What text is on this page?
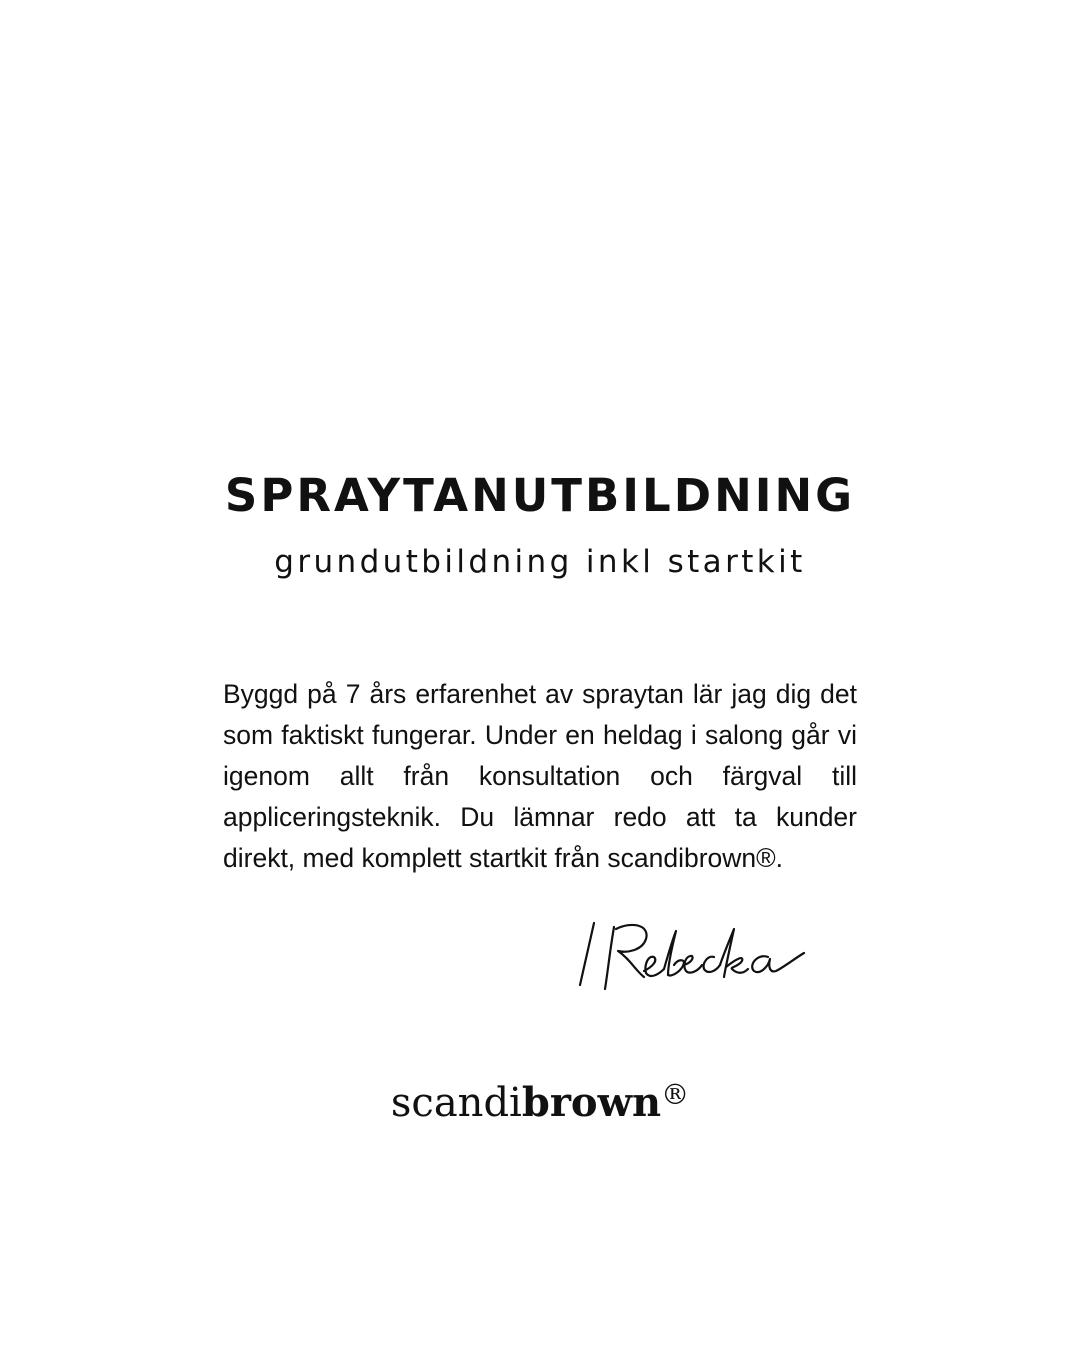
SPRAYTANUTBILDNING

grundutbildning inkl startkit

Byggd på 7 års erfarenhet av spraytan lär jag dig det som faktiskt fungerar. Under en heldag i salong går vi igenom allt från konsultation och färgval till appliceringsteknik. Du lämnar redo att ta kunder direkt, med komplett startkit från scandibrown®.

scandibrown®
